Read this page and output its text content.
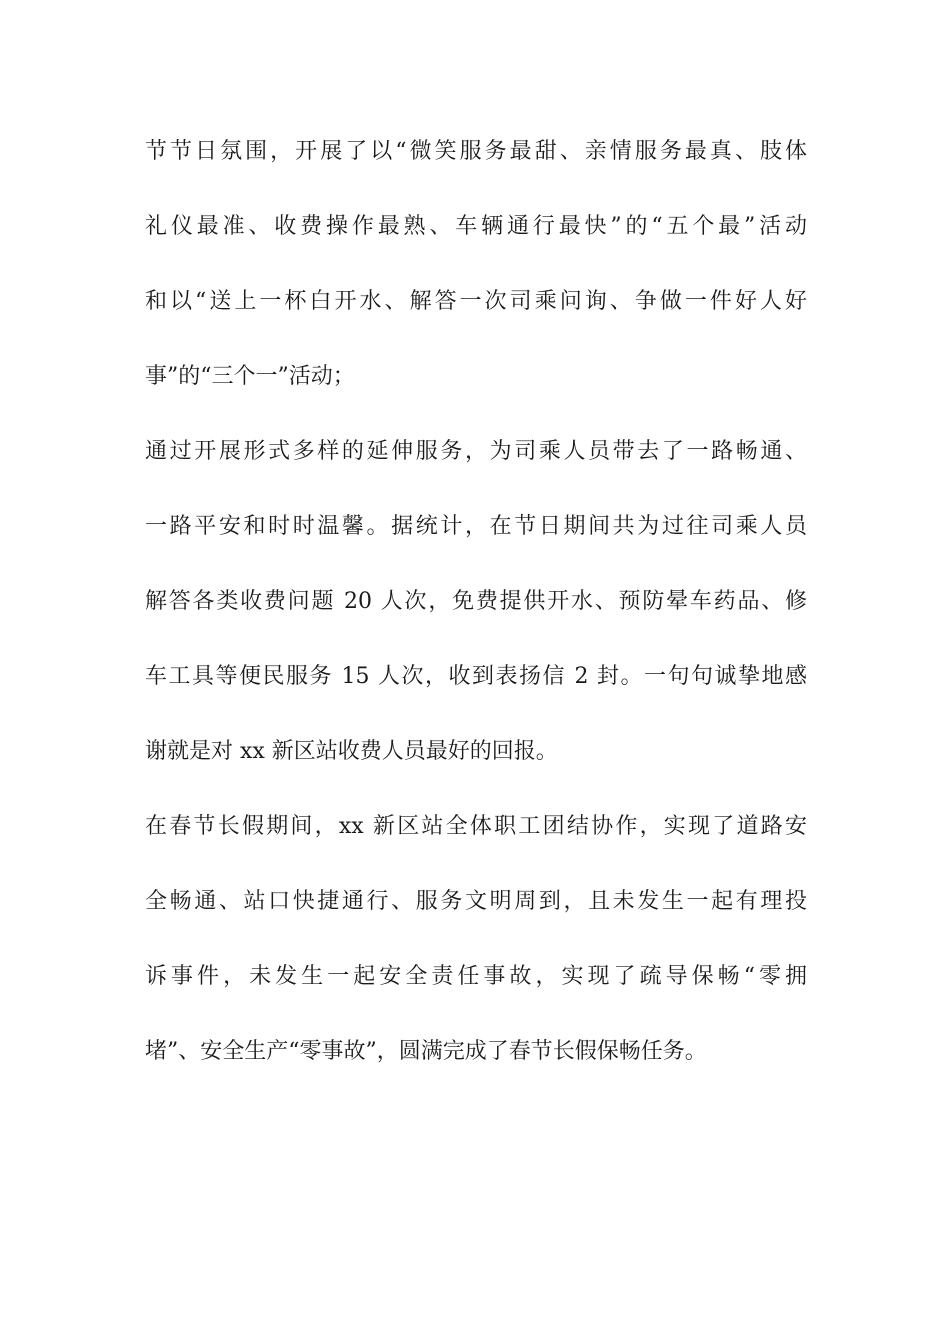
节节日氛围，开展了以“微笑服务最甜、亲情服务最真、肢体
礼仪最准、收费操作最熟、车辆通行最快”的“五个最”活动
和以“送上一杯白开水、解答一次司乘问询、争做一件好人好
事”的“三个一”活动；
通过开展形式多样的延伸服务，为司乘人员带去了一路畅通、
一路平安和时时温馨。据统计，在节日期间共为过往司乘人员
解答各类收费问题 20 人次，免费提供开水、预防晕车药品、修
车工具等便民服务 15 人次，收到表扬信 2 封。一句句诚挚地感
谢就是对 xx 新区站收费人员最好的回报。
在春节长假期间，xx 新区站全体职工团结协作，实现了道路安
全畅通、站口快捷通行、服务文明周到，且未发生一起有理投
诉事件，未发生一起安全责任事故，实现了疏导保畅“零拥
堵”、安全生产“零事故”，圆满完成了春节长假保畅任务。
